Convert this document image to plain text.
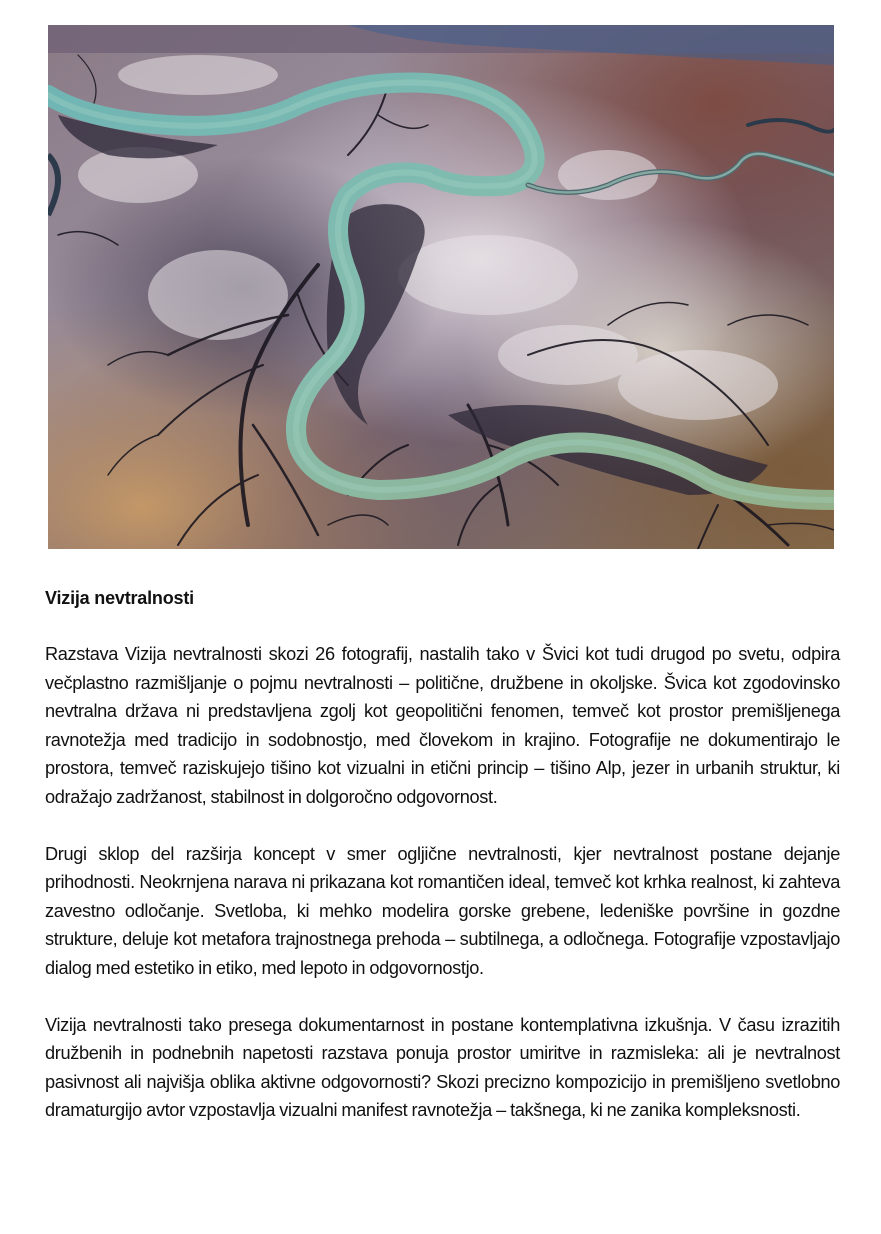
Vizija nevtralnosti

Razstava Vizija nevtralnosti skozi 26 fotografij, nastalih tako v Švici kot tudi drugod po svetu, odpira večplastno razmišljanje o pojmu nevtralnosti – politične, družbene in okoljske. Švica kot zgodovinsko nevtralna država ni predstavljena zgolj kot geopolitični fenomen, temveč kot prostor premišljenega ravnotežja med tradicijo in sodobnostjo, med človekom in krajino. Fotografije ne dokumentirajo le prostora, temveč raziskujejo tišino kot vizualni in etični princip – tišino Alp, jezer in urbanih struktur, ki odražajo zadržanost, stabilnost in dolgoročno odgovornost.

Drugi sklop del razširja koncept v smer ogljične nevtralnosti, kjer nevtralnost postane dejanje prihodnosti. Neokrnjena narava ni prikazana kot romantičen ideal, temveč kot krhka realnost, ki zahteva zavestno odločanje. Svetloba, ki mehko modelira gorske grebene, ledeniške površine in gozdne strukture, deluje kot metafora trajnostnega prehoda – subtilnega, a odločnega. Fotografije vzpostavljajo dialog med estetiko in etiko, med lepoto in odgovornostjo.

Vizija nevtralnosti tako presega dokumentarnost in postane kontemplativna izkušnja. V času izrazitih družbenih in podnebnih napetosti razstava ponuja prostor umiritve in razmisleka: ali je nevtralnost pasivnost ali najvišja oblika aktivne odgovornosti? Skozi precizno kompozicijo in premišljeno svetlobno dramaturgijo avtor vzpostavlja vizualni manifest ravnotežja – takšnega, ki ne zanika kompleksnosti.
